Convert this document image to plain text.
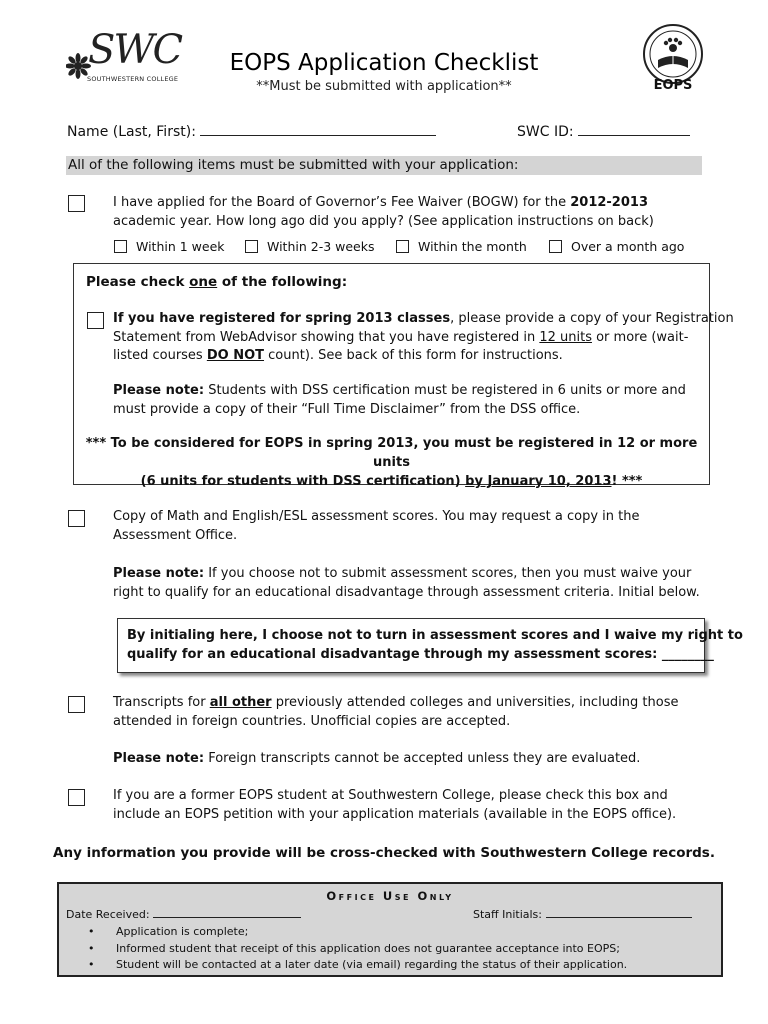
SWC
SOUTHWESTERN COLLEGE
EOPS Application Checklist
**Must be submitted with application**	EOPS
Name (Last, First):	SWC ID:
All of the following items must be submitted with your application:
I have applied for the Board of Governor’s Fee Waiver (BOGW) for the 2012-2013
academic year. How long ago did you apply? (See application instructions on back)
Within 1 week	Within 2-3 weeks	Within the month	Over a month ago
Please check one of the following:
If you have registered for spring 2013 classes, please provide a copy of your Registration
Statement from WebAdvisor showing that you have registered in 12 units or more (wait-
listed courses DO NOT count). See back of this form for instructions.
Please note: Students with DSS certification must be registered in 6 units or more and
must provide a copy of their “Full Time Disclaimer” from the DSS office.
*** To be considered for EOPS in spring 2013, you must be registered in 12 or more units
(6 units for students with DSS certification) by January 10, 2013! ***
Copy of Math and English/ESL assessment scores. You may request a copy in the
Assessment Office.
Please note: If you choose not to submit assessment scores, then you must waive your
right to qualify for an educational disadvantage through assessment criteria. Initial below.
By initialing here, I choose not to turn in assessment scores and I waive my right to
qualify for an educational disadvantage through my assessment scores: ________
Transcripts for all other previously attended colleges and universities, including those
attended in foreign countries. Unofficial copies are accepted.
Please note: Foreign transcripts cannot be accepted unless they are evaluated.
If you are a former EOPS student at Southwestern College, please check this box and
include an EOPS petition with your application materials (available in the EOPS office).
Any information you provide will be cross-checked with Southwestern College records.
Office Use Only
Date Received:	Staff Initials:
• Application is complete;
• Informed student that receipt of this application does not guarantee acceptance into EOPS;
• Student will be contacted at a later date (via email) regarding the status of their application.
